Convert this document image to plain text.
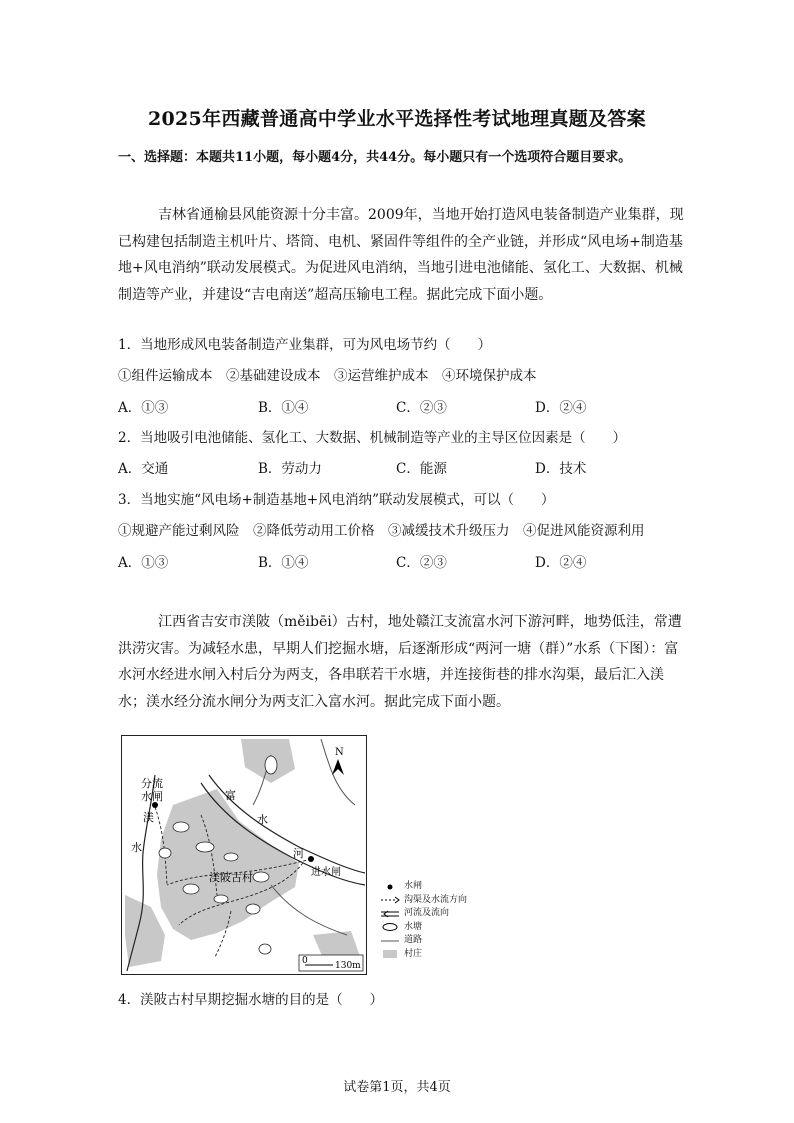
2025年西藏普通高中学业水平选择性考试地理真题及答案
一、选择题：本题共11小题，每小题4分，共44分。每小题只有一个选项符合题目要求。
吉林省通榆县风能资源十分丰富。2009年，当地开始打造风电装备制造产业集群，现已构建包括制造主机叶片、塔筒、电机、紧固件等组件的全产业链，并形成“风电场+制造基地+风电消纳”联动发展模式。为促进风电消纳，当地引进电池储能、氢化工、大数据、机械制造等产业，并建设“吉电南送”超高压输电工程。据此完成下面小题。
1．当地形成风电装备制造产业集群，可为风电场节约（　　）
①组件运输成本　②基础建设成本　③运营维护成本　④环境保护成本
A．①③	B．①④	C．②③	D．②④
2．当地吸引电池储能、氢化工、大数据、机械制造等产业的主导区位因素是（　　）
A．交通	B．劳动力	C．能源	D．技术
3．当地实施“风电场+制造基地+风电消纳”联动发展模式，可以（　　）
①规避产能过剩风险　②降低劳动用工价格　③减缓技术升级压力　④促进风能资源利用
A．①③	B．①④	C．②③	D．②④
江西省吉安市渼陂（měibēi）古村，地处赣江支流富水河下游河畔，地势低洼，常遭洪涝灾害。为减轻水患，早期人们挖掘水塘，后逐渐形成“两河一塘（群）”水系（下图）：富水河水经进水闸入村后分为两支，各串联若干水塘，并连接街巷的排水沟渠，最后汇入渼水；渼水经分流水闸分为两支汇入富水河。据此完成下面小题。
N
分流
水闸
渼
水
富
水
河
渼陂古村	进水闸
0	130m
水闸
沟渠及水流方向
河流及流向
水塘
道路
村庄
4．渼陂古村早期挖掘水塘的目的是（　　）
试卷第1页，共4页
